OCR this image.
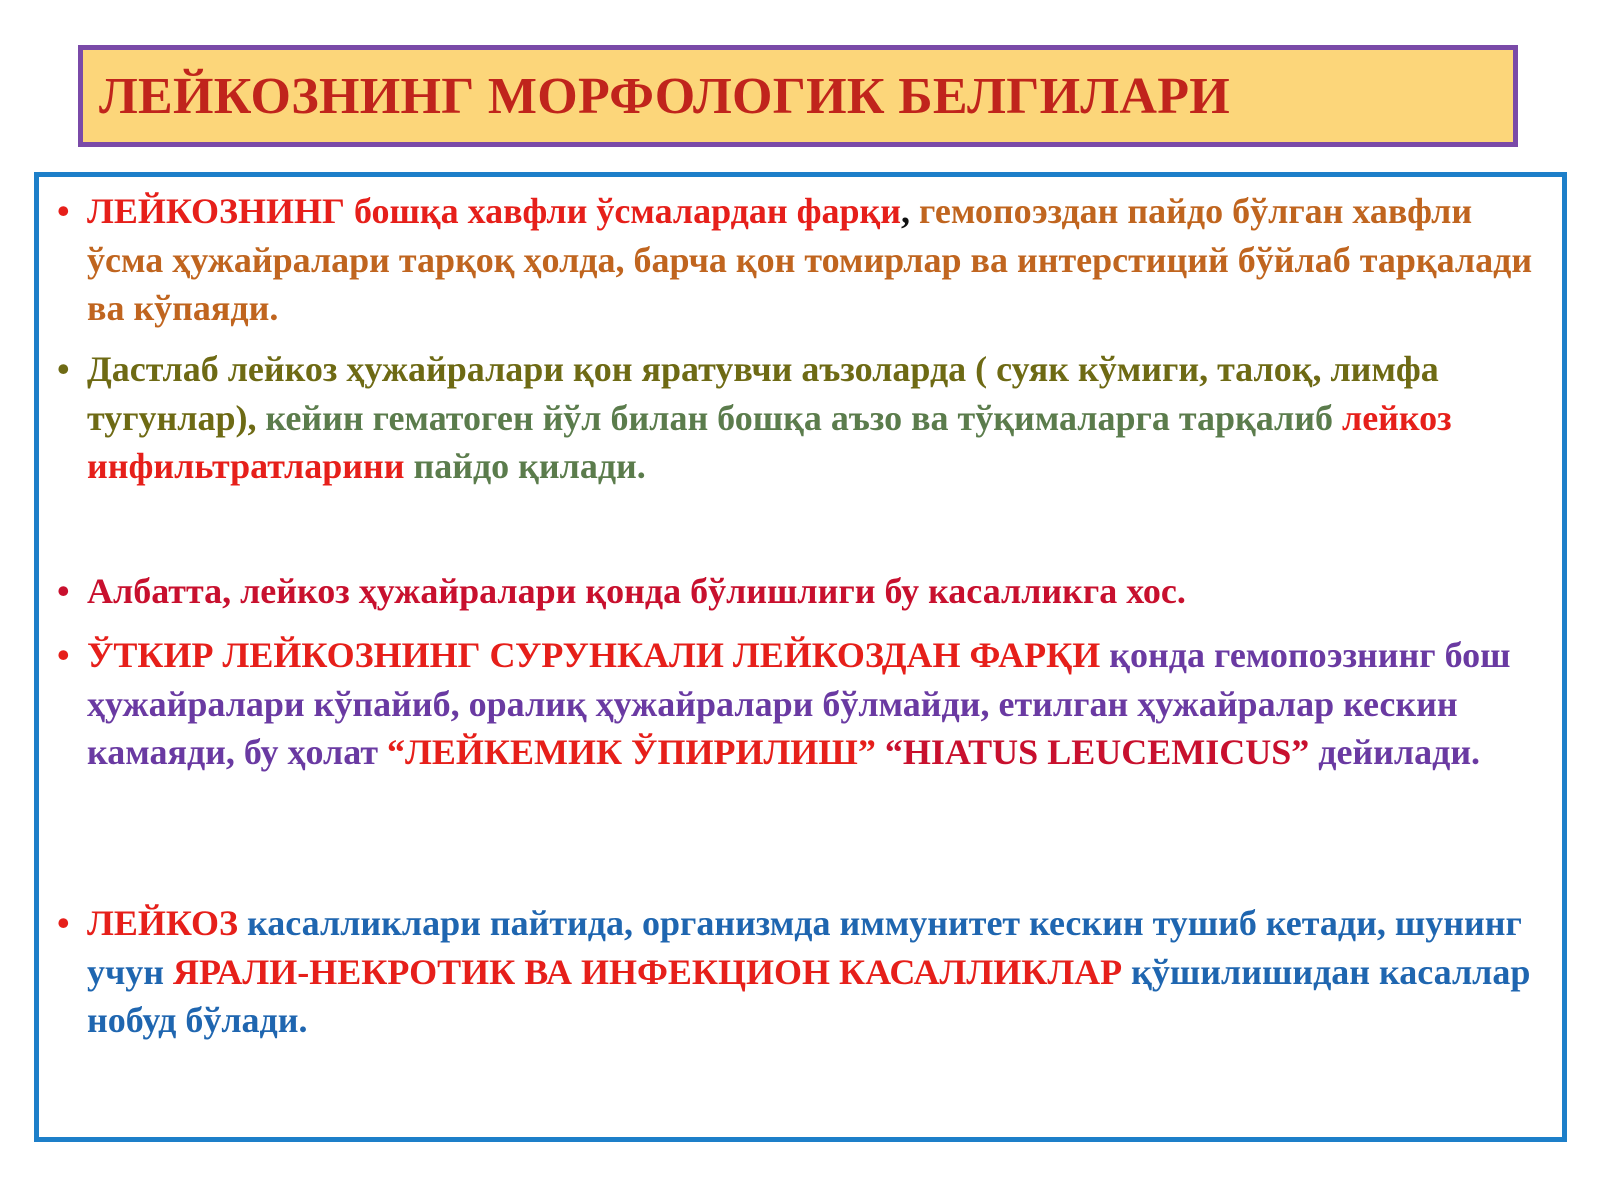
ЛЕЙКОЗНИНГ МОРФОЛОГИК БЕЛГИЛАРИ
• ЛЕЙКОЗНИНГ бошқа хавфли ўсмалардан фарқи, гемопоэздан пайдо бўлган хавфли ўсма ҳужайралари тарқоқ ҳолда, барча қон томирлар ва интерстиций бўйлаб тарқалади ва кўпаяди.
• Дастлаб лейкоз ҳужайралари қон яратувчи аъзоларда ( суяк кўмиги, талоқ, лимфа тугунлар), кейин гематоген йўл билан бошқа аъзо ва тўқималарга тарқалиб лейкоз инфильтратларини пайдо қилади.
• Албатта, лейкоз ҳужайралари қонда бўлишлиги бу касалликга хос.
• ЎТКИР ЛЕЙКОЗНИНГ СУРУНКАЛИ ЛЕЙКОЗДАН ФАРҚИ қонда гемопоэзнинг бош ҳужайралари кўпайиб, оралиқ ҳужайралари бўлмайди, етилган ҳужайралар кескин камаяди, бу ҳолат “ЛЕЙКЕМИК ЎПИРИЛИШ” “HIATUS LEUCEMICUS” дейилади.
• ЛЕЙКОЗ касалликлари пайтида, организмда иммунитет кескин тушиб кетади, шунинг учун ЯРАЛИ-НЕКРОТИК ВА ИНФЕКЦИОН КАСАЛЛИКЛАР қўшилишидан касаллар нобуд бўлади.
